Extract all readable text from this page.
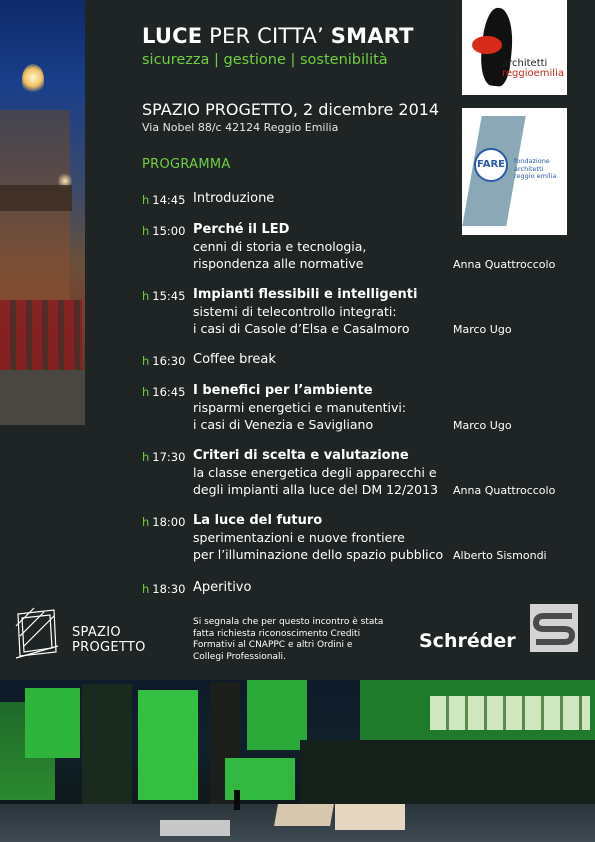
LUCE PER CITTA’ SMART
sicurezza | gestione | sostenibilità
SPAZIO PROGETTO, 2 dicembre 2014
Via Nobel 88/c 42124 Reggio Emilia
PROGRAMMA
h 14:45 Introduzione
h 15:00 Perché il LED
cenni di storia e tecnologia,
rispondenza alle normative	Anna Quattroccolo
h 15:45 Impianti flessibili e intelligenti
sistemi di telecontrollo integrati:
i casi di Casole d’Elsa e Casalmoro	Marco Ugo
h 16:30 Coffee break
h 16:45 I benefici per l’ambiente
risparmi energetici e manutentivi:
i casi di Venezia e Savigliano	Marco Ugo
h 17:30 Criteri di scelta e valutazione
la classe energetica degli apparecchi e
degli impianti alla luce del DM 12/2013 Anna Quattroccolo
h 18:00 La luce del futuro
sperimentazioni e nuove frontiere
per l’illuminazione dello spazio pubblico Alberto Sismondi
h 18:30 Aperitivo
architetti
reggioemilia
FARE	fondazione architetti reggio emilia
SPAZIO
PROGETTO
Si segnala che per questo incontro è stata
fatta richiesta riconoscimento Crediti
Formativi al CNAPPC e altri Ordini e
Collegi Professionali.
Schréder
